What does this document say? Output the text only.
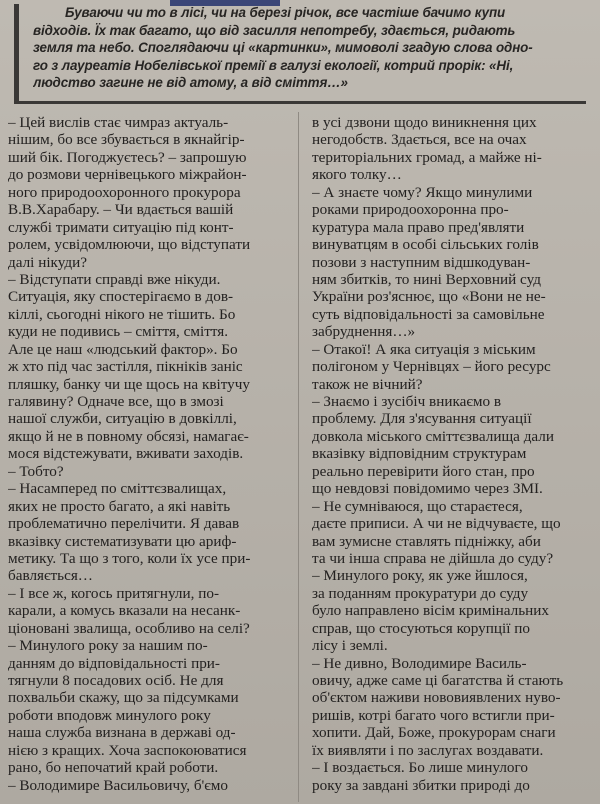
Буваючи чи то в лісі, чи на березі річок, все частіше бачимо купи
відходів. Їх так багато, що від засилля непотребу, здається, ридають
земля та небо. Споглядаючи ці «картинки», мимоволі згадую слова одно-
го з лауреатів Нобелівської премії в галузі екології, котрий прорік: «Ні,
людство загине не від атому, а від сміття…»
– Цей вислів стає чимраз актуаль-
нішим, бо все збувається в якнайгір-
ший бік. Погоджуєтесь? – запрошую
до розмови чернівецького міжрайон-
ного природоохоронного прокурора
В.В.Харабару. – Чи вдається вашій
службі тримати ситуацію під конт-
ролем, усвідомлюючи, що відступати
далі нікуди?
– Відступати справді вже нікуди.
Ситуація, яку спостерігаємо в дов-
кіллі, сьогодні нікого не тішить. Бо
куди не подивись – сміття, сміття.
Але це наш «людський фактор». Бо
ж хто під час застілля, пікніків заніс
пляшку, банку чи ще щось на квітучу
галявину? Одначе все, що в змозі
нашої служби, ситуацію в довкіллі,
якщо й не в повному обсязі, намагає-
мося відстежувати, вживати заходів.
– Тобто?
– Насамперед по сміттєзвалищах,
яких не просто багато, а які навіть
проблематично перелічити. Я давав
вказівку систематизувати цю ариф-
метику. Та що з того, коли їх усе при-
бавляється…
– І все ж, когось притягнули, по-
карали, а комусь вказали на несанк-
ціоновані звалища, особливо на селі?
– Минулого року за нашим по-
данням до відповідальності при-
тягнули 8 посадових осіб. Не для
похвальби скажу, що за підсумками
роботи вподовж минулого року
наша служба визнана в державі од-
нією з кращих. Хоча заспокоюватися
рано, бо непочатий край роботи.
– Володимире Васильовичу, б'ємо
в усі дзвони щодо виникнення цих
негодобств. Здається, все на очах
територіальних громад, а майже ні-
якого толку…
– А знаєте чому? Якщо минулими
роками природоохоронна про-
куратура мала право пред'являти
винуватцям в особі сільських голів
позови з наступним відшкодуван-
ням збитків, то нині Верховний суд
України роз'яснює, що «Вони не не-
суть відповідальності за самовільне
забруднення…»
– Отакої! А яка ситуація з міським
полігоном у Чернівцях – його ресурс
також не вічний?
– Знаємо і зусібіч вникаємо в
проблему. Для з'ясування ситуації
довкола міського сміттєзвалища дали
вказівку відповідним структурам
реально перевірити його стан, про
що невдовзі повідомимо через ЗМІ.
– Не сумніваюся, що стараєтеся,
даєте приписи. А чи не відчуваєте, що
вам зумисне ставлять підніжку, аби
та чи інша справа не дійшла до суду?
– Минулого року, як уже йшлося,
за поданням прокуратури до суду
було направлено вісім кримінальних
справ, що стосуються корупції по
лісу і землі.
– Не дивно, Володимире Василь-
овичу, адже саме ці багатства й стають
об'єктом наживи нововиявлених нуво-
ришів, котрі багато чого встигли при-
хопити. Дай, Боже, прокурорам снаги
їх виявляти і по заслугах воздавати.
– І воздається. Бо лише минулого
року за завдані збитки природі до
